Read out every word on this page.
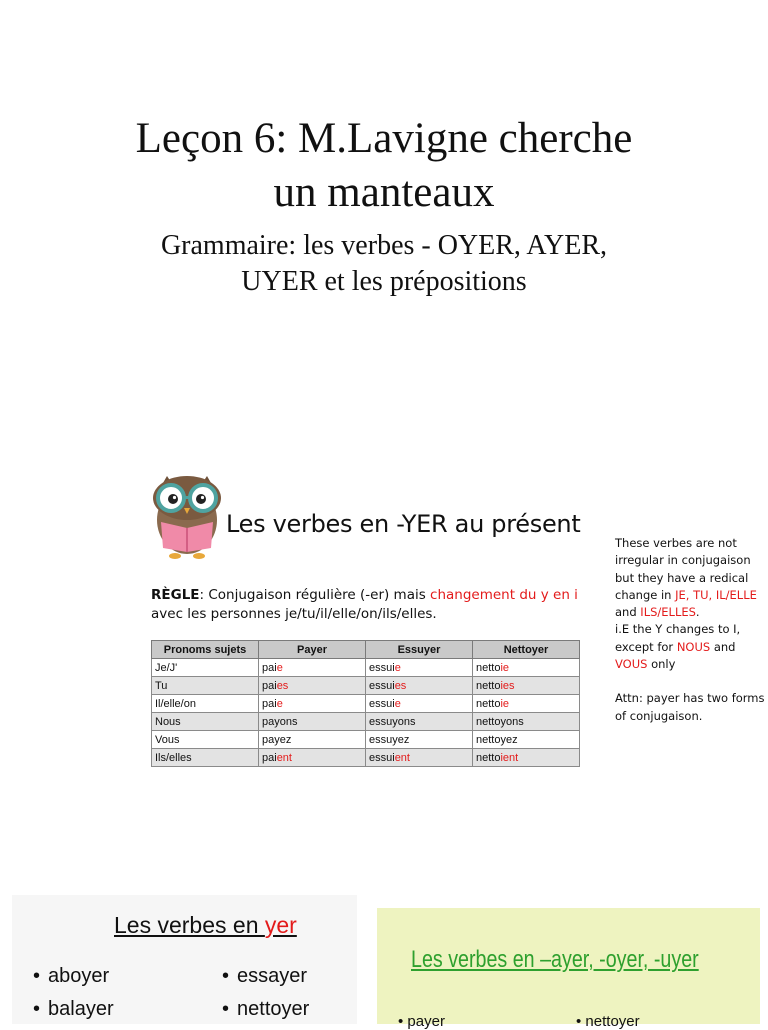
Leçon 6: M.Lavigne cherche
un manteaux
Grammaire: les verbes - OYER, AYER,
UYER et les prépositions
Les verbes en -YER au présent
RÈGLE: Conjugaison régulière (-er) mais changement du y en i
avec les personnes je/tu/il/elle/on/ils/elles.
Pronoms sujets	Payer	Essuyer	Nettoyer
Je/J'	paie	essuie	nettoie
Tu	paies	essuies	nettoies
Il/elle/on	paie	essuie	nettoie
Nous	payons	essuyons	nettoyons
Vous	payez	essuyez	nettoyez
Ils/elles	paient	essuient	nettoient

These verbes are not irregular in conjugaison but they have a redical change in JE, TU, IL/ELLE and ILS/ELLES.

i.E the Y changes to I, except for NOUS and VOUS only

Attn: payer has two forms of conjugaison.

Les verbes en yer
• aboyer
• balayer
• essayer
• nettoyer
Les verbes en –ayer, -oyer, -uyer
• payer	• nettoyer
